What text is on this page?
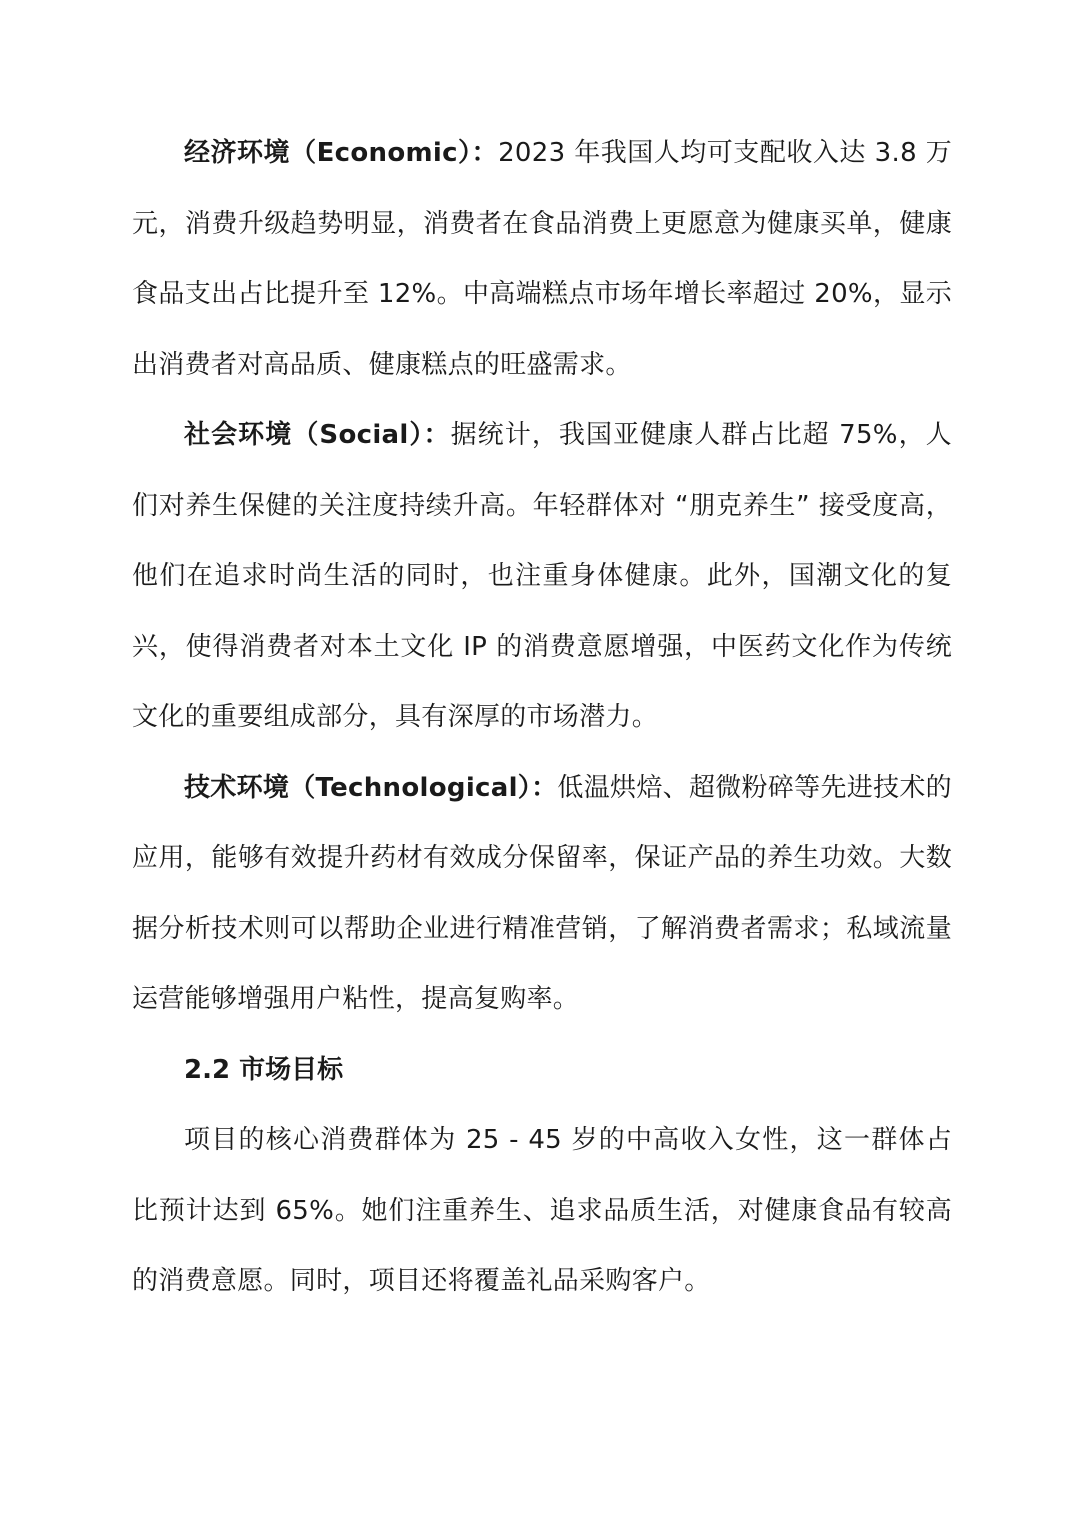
经济环境（Economic）：2023 年我国人均可支配收入达 3.8 万元，消费升级趋势明显，消费者在食品消费上更愿意为健康买单，健康食品支出占比提升至 12%。中高端糕点市场年增长率超过 20%，显示出消费者对高品质、健康糕点的旺盛需求。

社会环境（Social）：据统计，我国亚健康人群占比超 75%，人们对养生保健的关注度持续升高。年轻群体对 “朋克养生” 接受度高，他们在追求时尚生活的同时，也注重身体健康。此外，国潮文化的复兴，使得消费者对本土文化 IP 的消费意愿增强，中医药文化作为传统文化的重要组成部分，具有深厚的市场潜力。

技术环境（Technological）：低温烘焙、超微粉碎等先进技术的应用，能够有效提升药材有效成分保留率，保证产品的养生功效。大数据分析技术则可以帮助企业进行精准营销，了解消费者需求；私域流量运营能够增强用户粘性，提高复购率。

2.2 市场目标

项目的核心消费群体为 25 - 45 岁的中高收入女性，这一群体占比预计达到 65%。她们注重养生、追求品质生活，对健康食品有较高的消费意愿。同时，项目还将覆盖礼品采购客户。
